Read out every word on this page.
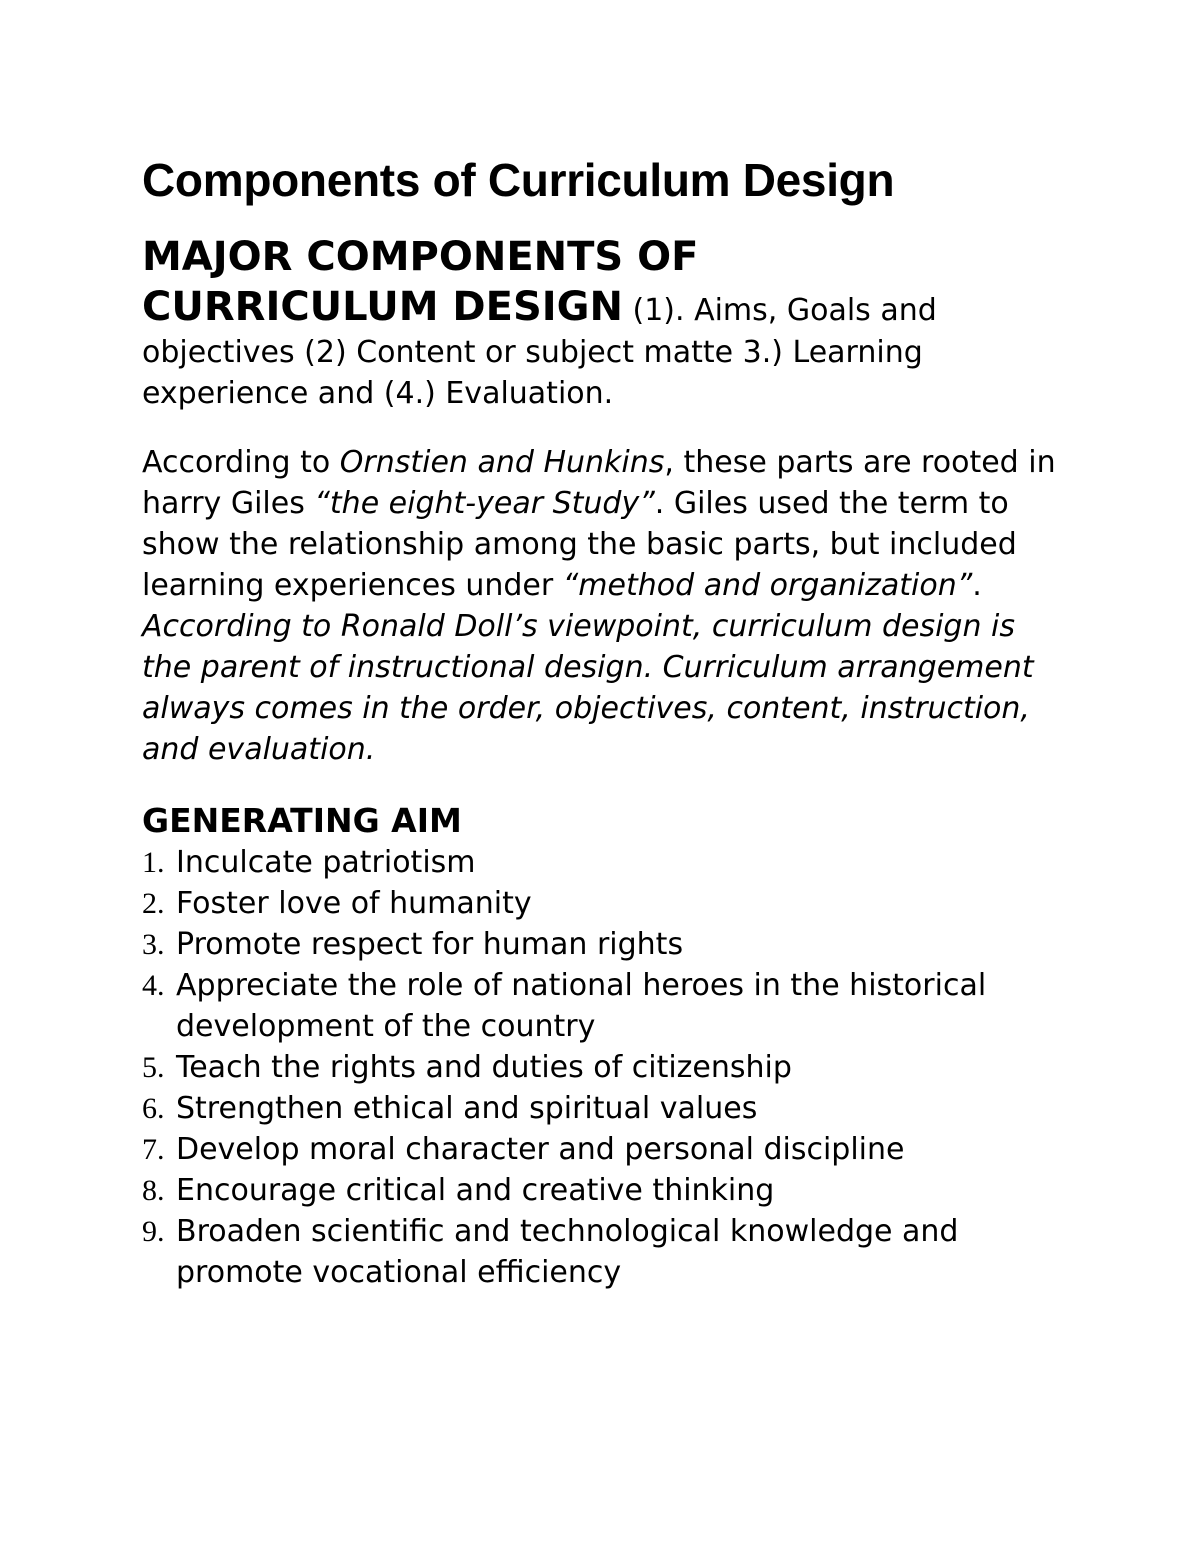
Components of Curriculum Design

MAJOR COMPONENTS OF
CURRICULUM DESIGN (1). Aims, Goals and objectives (2) Content or subject matte 3.) Learning experience and (4.) Evaluation.

According to Ornstien and Hunkins, these parts are rooted in harry Giles “the eight-year Study”. Giles used the term to show the relationship among the basic parts, but included learning experiences under “method and organization”. According to Ronald Doll’s viewpoint, curriculum design is the parent of instructional design. Curriculum arrangement always comes in the order, objectives, content, instruction, and evaluation.

GENERATING AIM
1. Inculcate patriotism
2. Foster love of humanity
3. Promote respect for human rights
4. Appreciate the role of national heroes in the historical development of the country
5. Teach the rights and duties of citizenship
6. Strengthen ethical and spiritual values
7. Develop moral character and personal discipline
8. Encourage critical and creative thinking
9. Broaden scientific and technological knowledge and promote vocational efficiency
